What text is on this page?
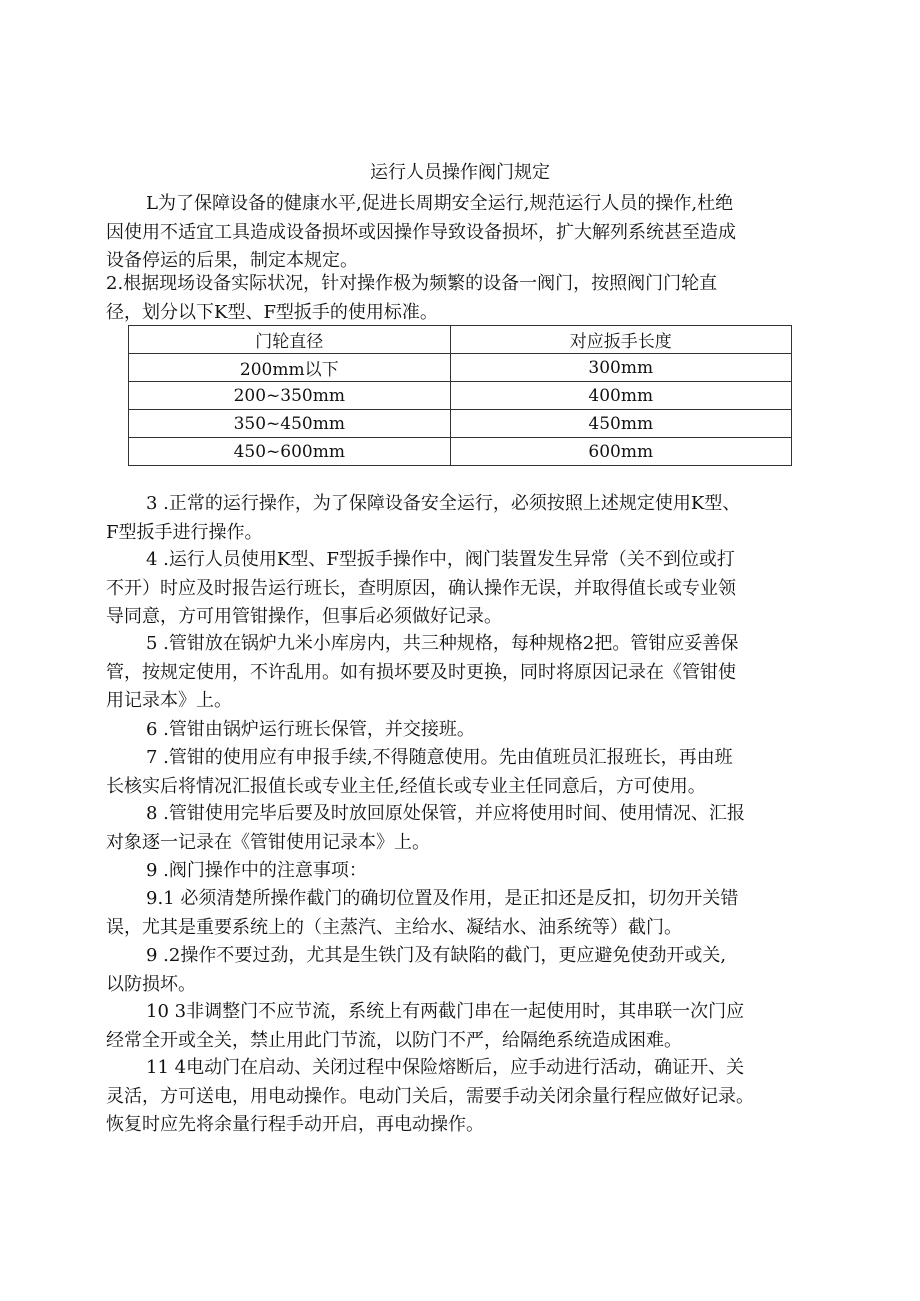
运行人员操作阀门规定

L为了保障设备的健康水平,促进长周期安全运行,规范运行人员的操作,杜绝
因使用不适宜工具造成设备损坏或因操作导致设备损坏，扩大解列系统甚至造成
设备停运的后果，制定本规定。

2.根据现场设备实际状况，针对操作极为频繁的设备一阀门，按照阀门门轮直
径，划分以下K型、F型扳手的使用标准。

门轮直径	对应扳手长度
200mm以下	300mm
200~350mm	400mm
350~450mm	450mm
450~600mm	600mm

3 .正常的运行操作，为了保障设备安全运行，必须按照上述规定使用K型、
F型扳手进行操作。

4 .运行人员使用K型、F型扳手操作中，阀门装置发生异常（关不到位或打
不开）时应及时报告运行班长，查明原因，确认操作无误，并取得值长或专业领
导同意，方可用管钳操作，但事后必须做好记录。

5 .管钳放在锅炉九米小库房内，共三种规格，每种规格2把。管钳应妥善保
管，按规定使用，不许乱用。如有损坏要及时更换，同时将原因记录在《管钳使
用记录本》上。

6 .管钳由锅炉运行班长保管，并交接班。

7 .管钳的使用应有申报手续,不得随意使用。先由值班员汇报班长，再由班
长核实后将情况汇报值长或专业主任,经值长或专业主任同意后，方可使用。

8 .管钳使用完毕后要及时放回原处保管，并应将使用时间、使用情况、汇报
对象逐一记录在《管钳使用记录本》上。

9 .阀门操作中的注意事项：

9.1 必须清楚所操作截门的确切位置及作用，是正扣还是反扣，切勿开关错
误，尤其是重要系统上的（主蒸汽、主给水、凝结水、油系统等）截门。

9 .2操作不要过劲，尤其是生铁门及有缺陷的截门，更应避免使劲开或关,
以防损坏。

10 3非调整门不应节流，系统上有两截门串在一起使用时，其串联一次门应
经常全开或全关，禁止用此门节流，以防门不严，给隔绝系统造成困难。

11 4电动门在启动、关闭过程中保险熔断后，应手动进行活动，确证开、关
灵活，方可送电，用电动操作。电动门关后，需要手动关闭余量行程应做好记录。
恢复时应先将余量行程手动开启，再电动操作。
